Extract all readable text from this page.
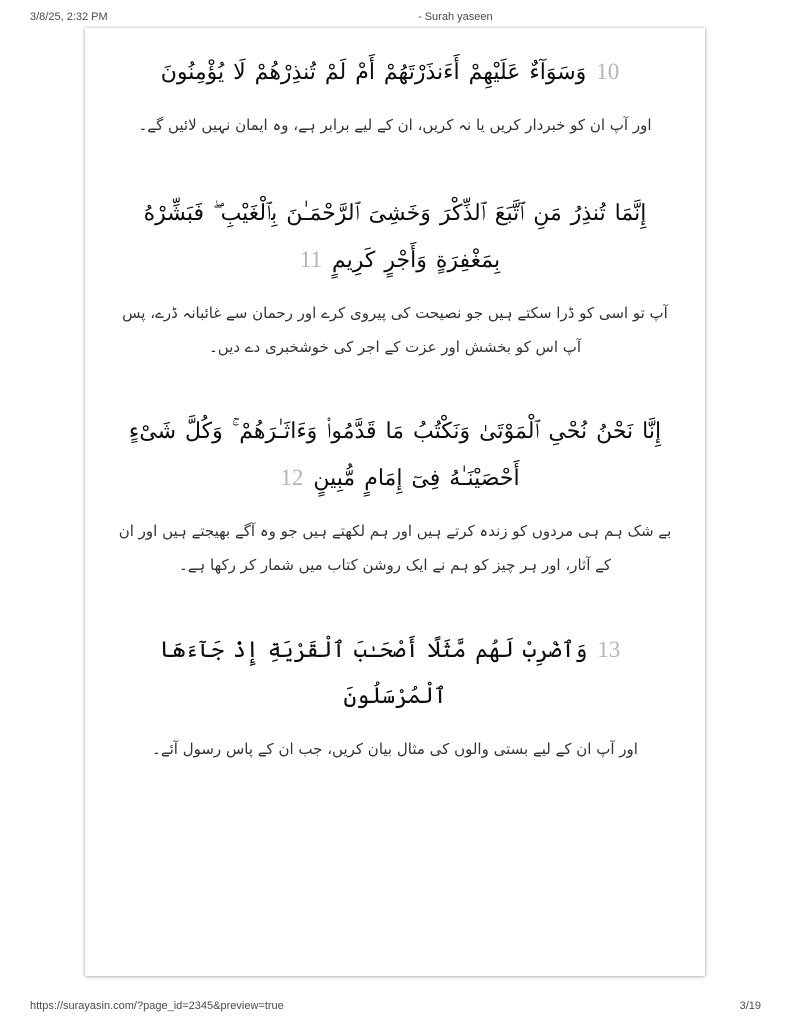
3/8/25, 2:32 PM	- Surah yaseen

10وَسَوَآءٌ عَلَيْهِمْ أَءَنذَرْتَهُمْ أَمْ لَمْ تُنذِرْهُمْ لَا يُؤْمِنُونَ

اور آپ ان کو خبردار کریں یا نہ کریں، ان کے لیے برابر ہے، وہ ایمان نہیں لائیں گے۔

إِنَّمَا تُنذِرُ مَنِ ٱتَّبَعَ ٱلذِّكْرَ وَخَشِىَ ٱلرَّحْمَـٰنَ بِٱلْغَيْبِ ۖ فَبَشِّرْهُ
بِمَغْفِرَةٍ وَأَجْرٍ كَرِيمٍ11

آپ تو اسی کو ڈرا سکتے ہیں جو نصیحت کی پیروی کرے اور رحمان سے غائبانہ ڈرے، پس آپ اس کو بخشش اور عزت کے اجر کی خوشخبری دے دیں۔

إِنَّا نَحْنُ نُحْىِ ٱلْمَوْتَىٰ وَنَكْتُبُ مَا قَدَّمُوا۟ وَءَاثَـٰرَهُمْ ۚ وَكُلَّ شَىْءٍ
أَحْصَيْنَـٰهُ فِىٓ إِمَامٍ مُّبِينٍ12

بے شک ہم ہی مردوں کو زندہ کرتے ہیں اور ہم لکھتے ہیں جو وہ آگے بھیجتے ہیں اور ان کے آثار، اور ہر چیز کو ہم نے ایک روشن کتاب میں شمار کر رکھا ہے۔

13وَٱضْرِبْ لَهُم مَّثَلًا أَصْحَـٰبَ ٱلْقَرْيَةِ إِذْ جَآءَهَا ٱلْمُرْسَلُونَ

اور آپ ان کے لیے بستی والوں کی مثال بیان کریں، جب ان کے پاس رسول آئے۔

https://surayasin.com/?page_id=2345&preview=true	3/19
